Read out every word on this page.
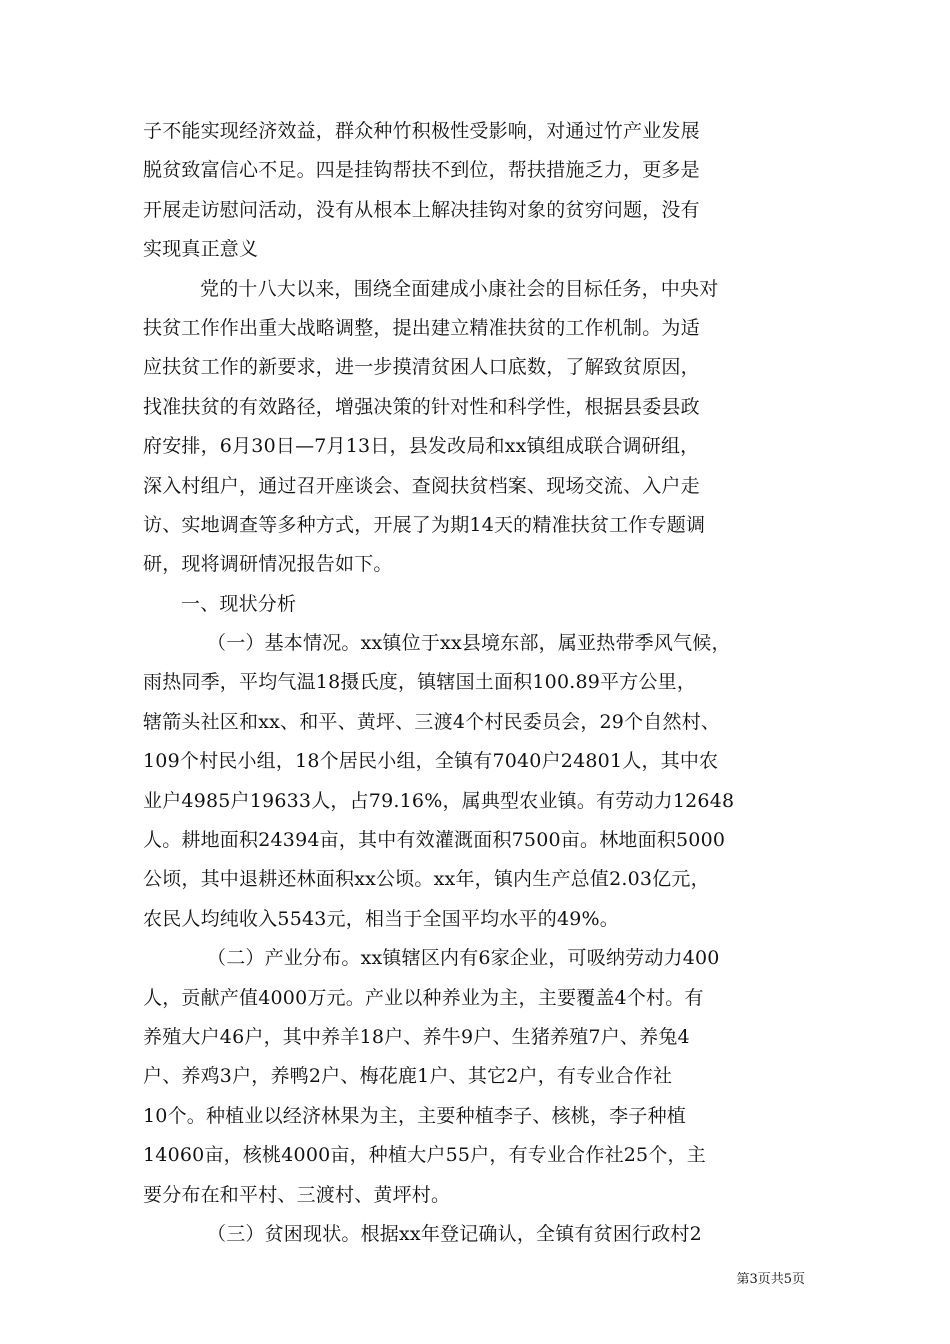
子不能实现经济效益，群众种竹积极性受影响，对通过竹产业发展
脱贫致富信心不足。四是挂钩帮扶不到位，帮扶措施乏力，更多是
开展走访慰问活动，没有从根本上解决挂钩对象的贫穷问题，没有
实现真正意义
党的十八大以来，围绕全面建成小康社会的目标任务，中央对
扶贫工作作出重大战略调整，提出建立精准扶贫的工作机制。为适
应扶贫工作的新要求，进一步摸清贫困人口底数，了解致贫原因，
找准扶贫的有效路径，增强决策的针对性和科学性，根据县委县政
府安排，6月30日—7月13日，县发改局和xx镇组成联合调研组，
深入村组户，通过召开座谈会、查阅扶贫档案、现场交流、入户走
访、实地调查等多种方式，开展了为期14天的精准扶贫工作专题调
研，现将调研情况报告如下。
一、现状分析
（一）基本情况。xx镇位于xx县境东部，属亚热带季风气候，
雨热同季，平均气温18摄氏度，镇辖国土面积100.89平方公里，
辖箭头社区和xx、和平、黄坪、三渡4个村民委员会，29个自然村、
109个村民小组，18个居民小组，全镇有7040户24801人，其中农
业户4985户19633人，占79.16%，属典型农业镇。有劳动力12648
人。耕地面积24394亩，其中有效灌溉面积7500亩。林地面积5000
公顷，其中退耕还林面积xx公顷。xx年，镇内生产总值2.03亿元，
农民人均纯收入5543元，相当于全国平均水平的49%。
（二）产业分布。xx镇辖区内有6家企业，可吸纳劳动力400
人，贡献产值4000万元。产业以种养业为主，主要覆盖4个村。有
养殖大户46户，其中养羊18户、养牛9户、生猪养殖7户、养兔4
户、养鸡3户，养鸭2户、梅花鹿1户、其它2户，有专业合作社
10个。种植业以经济林果为主，主要种植李子、核桃，李子种植
14060亩，核桃4000亩，种植大户55户，有专业合作社25个，主
要分布在和平村、三渡村、黄坪村。
（三）贫困现状。根据xx年登记确认，全镇有贫困行政村2
第3页共5页
